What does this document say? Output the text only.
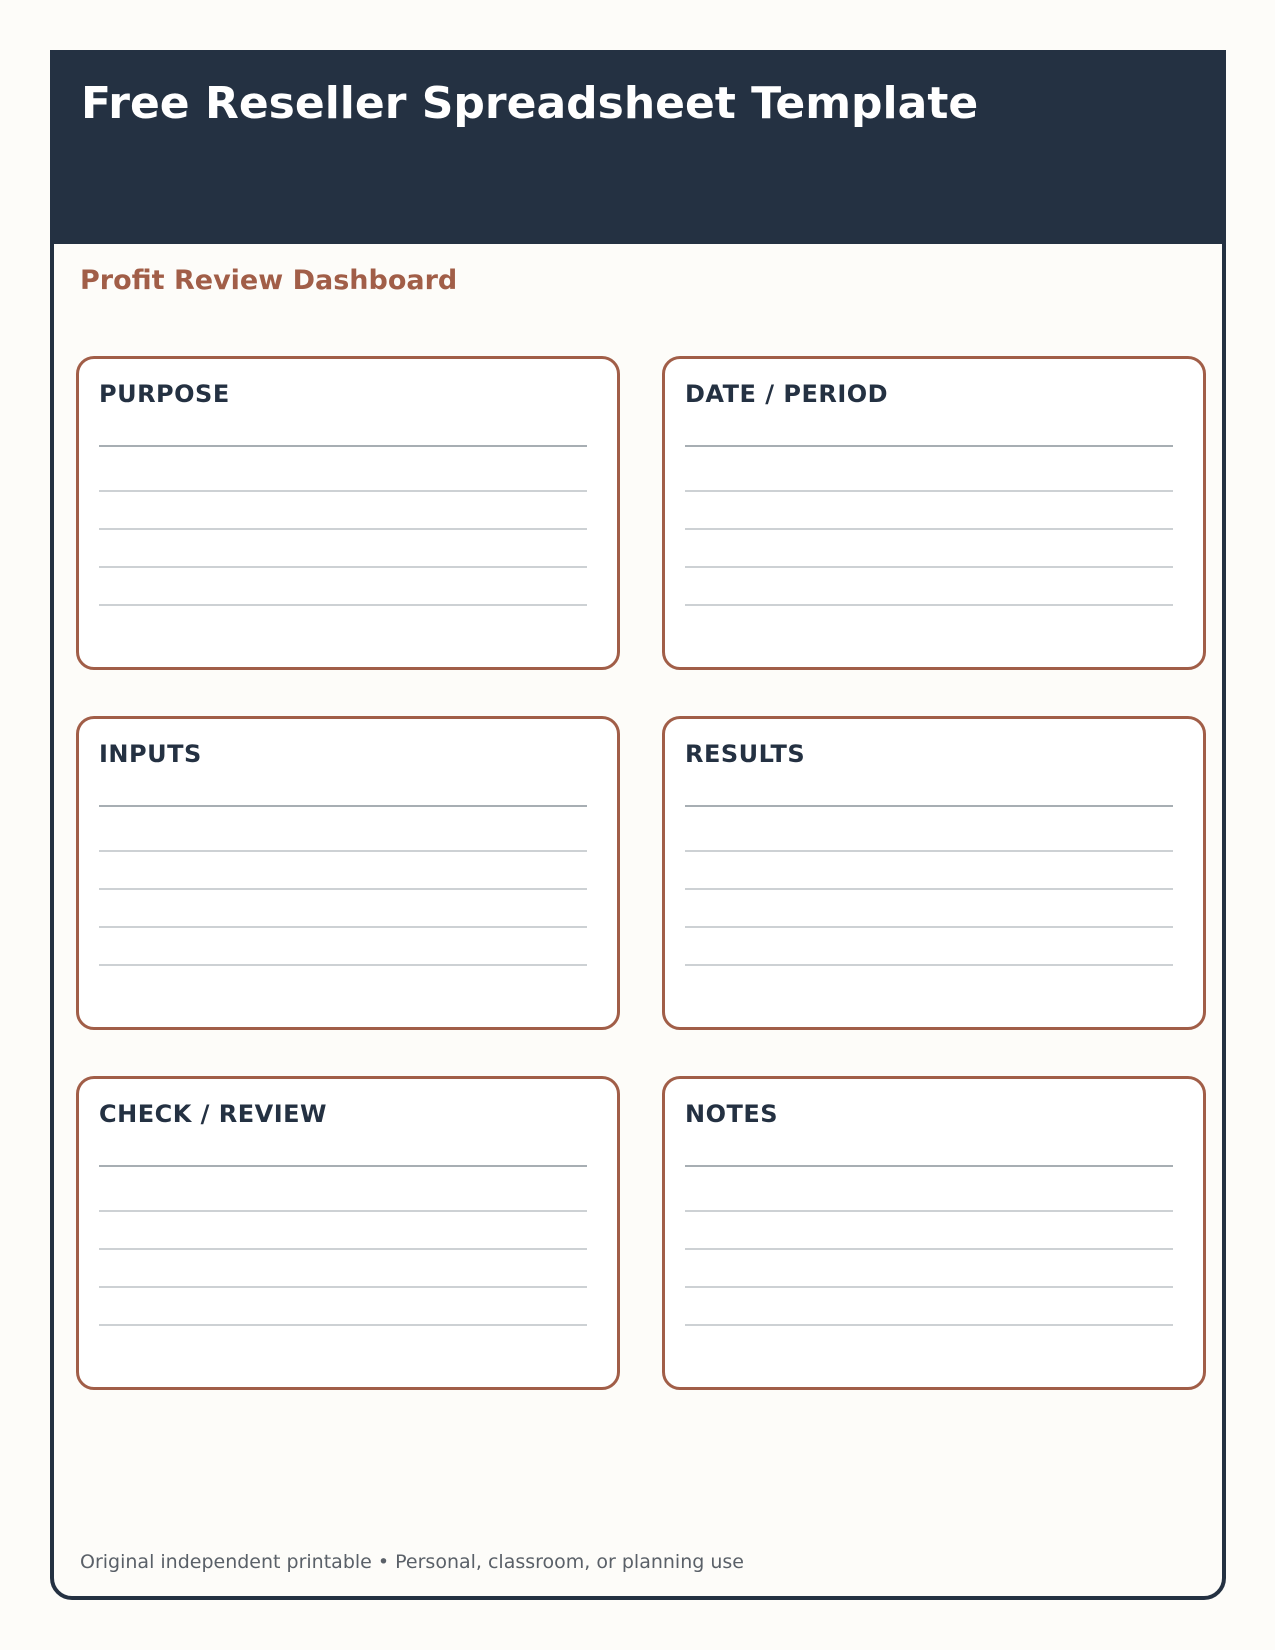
Free Reseller Spreadsheet Template
Profit Review Dashboard
PURPOSE	DATE / PERIOD
INPUTS	RESULTS
CHECK / REVIEW	NOTES
Original independent printable • Personal, classroom, or planning use
